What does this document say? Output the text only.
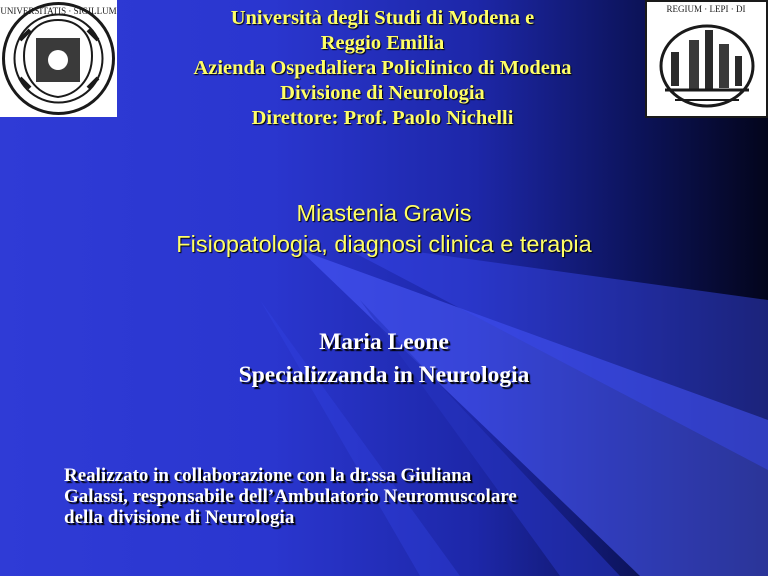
UNIVERSITATIS · SIGILLUM	REGIUM · LEPI · DI
Università degli Studi di Modena e
Reggio Emilia
Azienda Ospedaliera Policlinico di Modena
Divisione di Neurologia
Direttore: Prof. Paolo Nichelli
Miastenia Gravis
Fisiopatologia, diagnosi clinica e terapia
Maria Leone
Specializzanda in Neurologia
Realizzato in collaborazione con la dr.ssa Giuliana
Galassi, responsabile dell’Ambulatorio Neuromuscolare
della divisione di Neurologia
